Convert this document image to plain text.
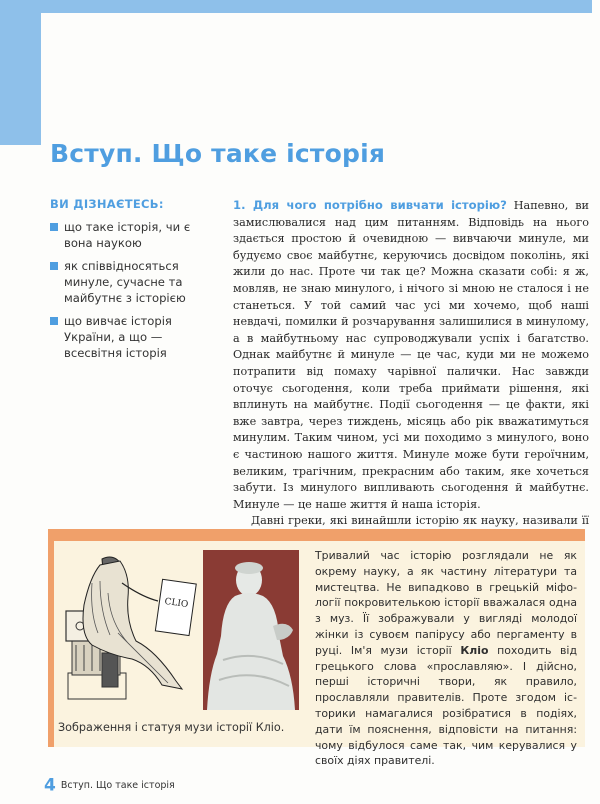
Вступ. Що таке історія
ВИ ДІЗНАЄТЕСЬ:
що таке історія, чи є вона наукою
як співвідносяться минуле, сучасне та майбутнє з історією
що вивчає історія України, а що — всесвітня історія

1. Для чого потрібно вивчати історію? Напевно, ви замислювалися над цим питанням. Відповідь на нього здається простою й очевидною — вивчаючи минуле, ми будуємо своє майбутнє, керуючись досвідом поколінь, які жили до нас. Проте чи так це? Можна сказати собі: я ж, мовляв, не знаю минулого, і нічого зі мною не сталося і не станеться. У той самий час усі ми хочемо, щоб наші невдачі, помилки й розчарування залишилися в минулому, а в майбутньому нас супроводжували успіх і багатство. Однак майбутнє й минуле — це час, куди ми не можемо потрапити від помаху чарівної палички. Нас завжди оточує сьогодення, коли треба приймати рішення, які вплинуть на майбутнє. Події сьогодення — це факти, які вже завтра, через тиждень, місяць або рік вважатимуться минулим. Таким чином, усі ми походимо з минулого, воно є частиною нашого життя. Минуле може бути героїчним, великим, трагічним, прекрасним або таким, яке хочеться забути. Із минулого випливають сьогодення й майбутнє. Минуле — це наше життя й наша історія.

Давні греки, які винайшли історію як науку, називали її

CLIO
Зображення і статуя музи історії Кліо.
Тривалий час історію розглядали не як окрему науку, а як частину літератури та мистецтва. Не випадково в грецькій міфології покровителькою історії вважалася одна з муз. Її зображували у вигляді молодої жінки із сувоєм папірусу або пергаменту в руці. Ім'я музи історії Кліо походить від грецького слова «прославляю». І дійсно, перші історичні твори, як правило, прославляли правителів. Проте згодом історики намагалися розібратися в подіях, дати їм пояснення, відповісти на питання: чому відбулося саме так, чим керувалися у своїх діях правителі.
4 Вступ. Що таке історія
